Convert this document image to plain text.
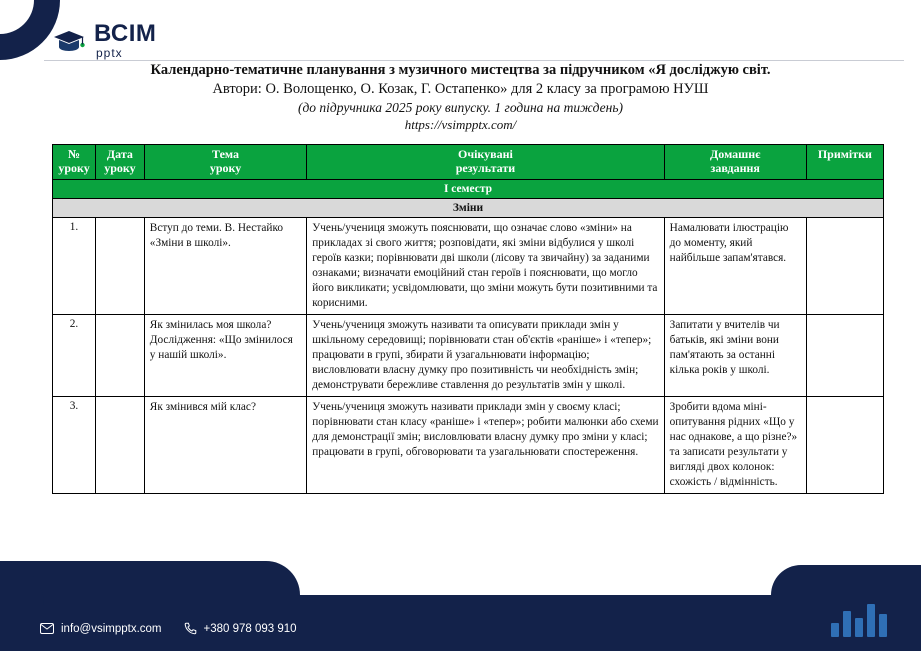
ВСІМ
pptx
Календарно-тематичне планування з музичного мистецтва за підручником «Я досліджую світ.
Автори: О. Волощенко, О. Козак, Г. Остапенко» для 2 класу за програмою НУШ
(до підручника 2025 року випуску. 1 година на тиждень)
https://vsimpptx.com/
№
уроку

Дата
уроку

Тема
уроку

Очікувані
результати

Домашнє
завдання

Примітки

І семестр					
Зміни					
1.		Вступ до теми. В. Нестайко «Зміни в школі».	Учень/учениця зможуть пояснювати, що означає слово «зміни» на прикладах зі свого життя; розповідати, які зміни відбулися у школі героїв казки; порівнювати дві школи (лісову та звичайну) за заданими ознаками; визначати емоційний стан героїв і пояснювати, що могло його викликати; усвідомлювати, що зміни можуть бути позитивними та корисними.	Намалювати ілюстрацію до моменту, який найбільше запам'ятався.	
2.		Як змінилась моя школа? Дослідження: «Що змінилося у нашій школі».	Учень/учениця зможуть називати та описувати приклади змін у шкільному середовищі; порівнювати стан об'єктів «раніше» і «тепер»; працювати в групі, збирати й узагальнювати інформацію; висловлювати власну думку про позитивність чи необхідність змін; демонструвати бережливе ставлення до результатів змін у школі.	Запитати у вчителів чи батьків, які зміни вони пам'ятають за останні кілька років у школі.	
3.		Як змінився мій клас?	Учень/учениця зможуть називати приклади змін у своєму класі; порівнювати стан класу «раніше» і «тепер»; робити малюнки або схеми для демонстрації змін; висловлювати власну думку про зміни у класі; працювати в групі, обговорювати та узагальнювати спостереження.	Зробити вдома міні-опитування рідних «Що у нас однакове, а що різне?» та записати результати у вигляді двох колонок: схожість / відмінність.	
info@vsimpptx.com	+380 978 093 910
